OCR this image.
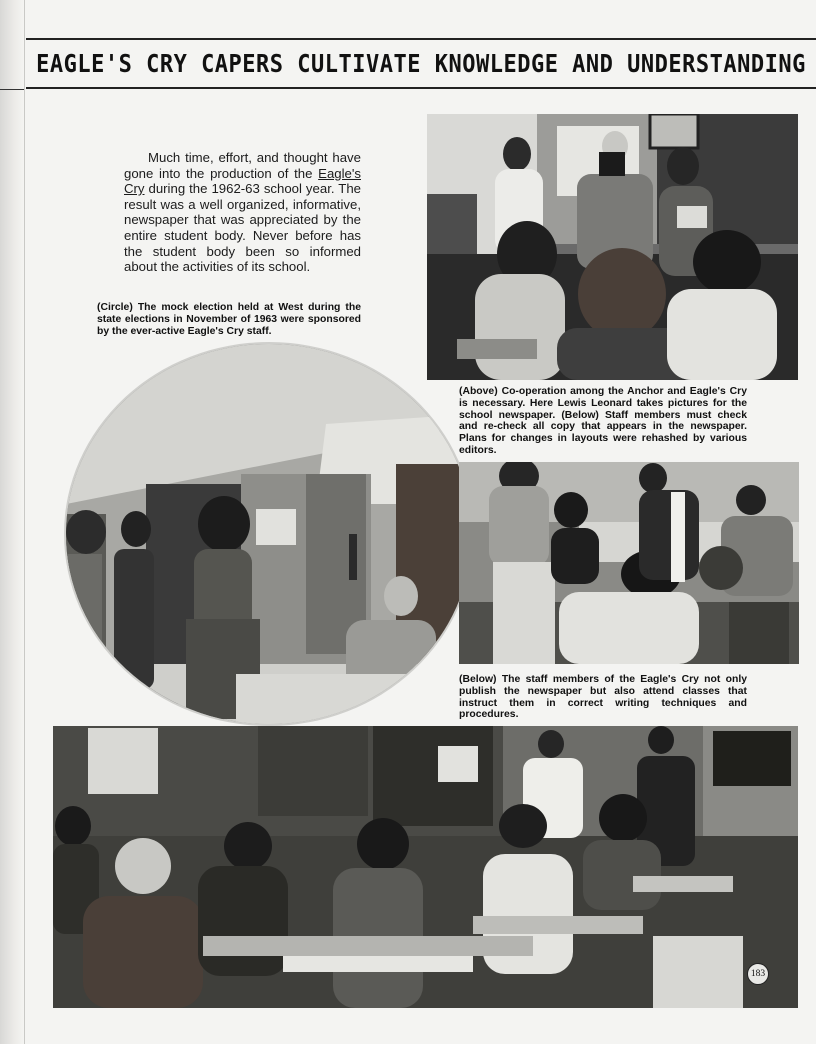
EAGLE'S CRY CAPERS CULTIVATE KNOWLEDGE AND UNDERSTANDING

Much time, effort, and thought have gone into the production of the Eagle's Cry during the 1962-63 school year. The result was a well organized, informative, newspaper that was appreciated by the entire student body. Never before has the student body been so informed about the activities of its school.

(Circle) The mock election held at West during the state elections in November of 1963 were sponsored by the ever-active Eagle's Cry staff.

(Above) Co-operation among the Anchor and Eagle's Cry is necessary. Here Lewis Leonard takes pictures for the school newspaper. (Below) Staff members must check and re-check all copy that appears in the newspaper. Plans for changes in layouts were rehashed by various editors.

(Below) The staff members of the Eagle's Cry not only publish the newspaper but also attend classes that instruct them in correct writing techniques and procedures.

183
